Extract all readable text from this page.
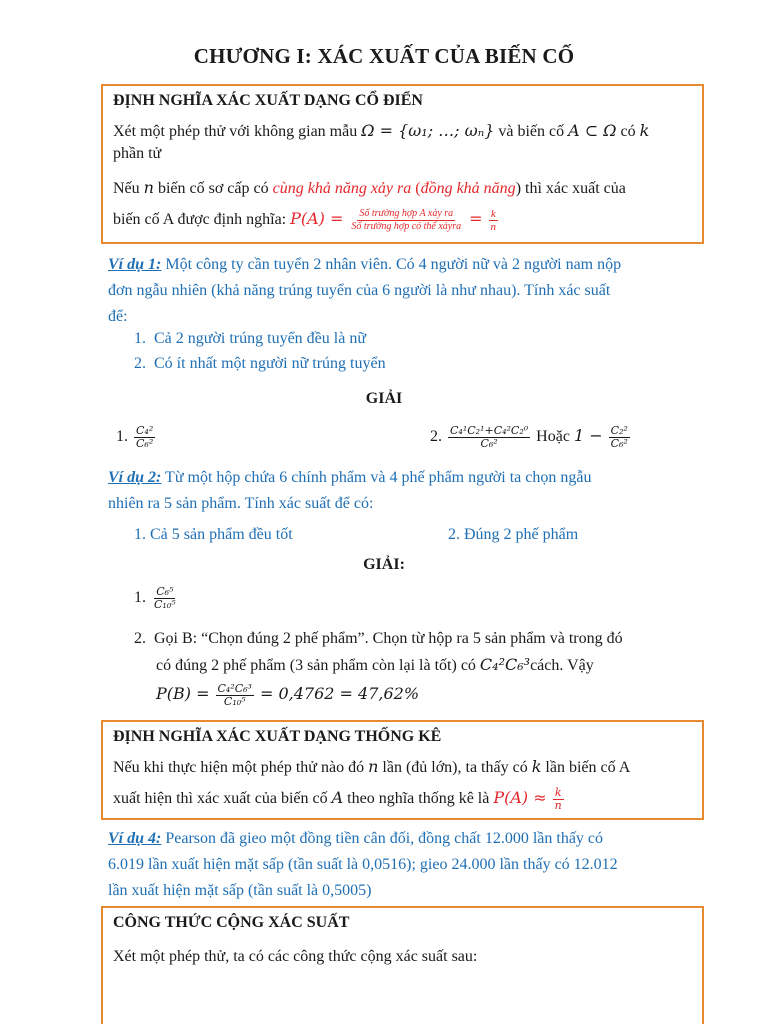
CHƯƠNG I: XÁC XUẤT CỦA BIẾN CỐ
ĐỊNH NGHĨA XÁC XUẤT DẠNG CỔ ĐIỂN
Xét một phép thử với không gian mẫu Ω = {ω₁; …; ωₙ} và biến cố A ⊂ Ω có k
phần tử
Nếu n biến cố sơ cấp có cùng khả năng xảy ra (đồng khả năng) thì xác xuất của
biến cố A được định nghĩa: $P(A) = \frac{\text{Số trường hợp A xảy ra}}{\text{Số trường hợp có thể xảyra}} = \frac{k}{n}$
Ví dụ 1: Một công ty cần tuyển 2 nhân viên. Có 4 người nữ và 2 người nam nộp
đơn ngẫu nhiên (khả năng trúng tuyển của 6 người là như nhau). Tính xác suất
để:
1.  Cả 2 người trúng tuyển đều là nữ
2.  Có ít nhất một người nữ trúng tuyển
GIẢI
1. $\frac{\text{C₄²}}{\text{C₆²}}$	2. $\frac{\text{C₄¹C₂¹+C₄²C₂⁰}}{\text{C₆²}}$ Hoặc $1 - \frac{\text{C₂²}}{\text{C₆²}}$
Ví dụ 2: Từ một hộp chứa 6 chính phẩm và 4 phế phẩm người ta chọn ngẫu
nhiên ra 5 sản phẩm. Tính xác suất để có:
1. Cả 5 sản phẩm đều tốt	2. Đúng 2 phế phẩm
GIẢI:
1. $\frac{\text{C₆⁵}}{\text{C₁₀⁵}}$
2. Gọi B: “Chọn đúng 2 phế phẩm”. Chọn từ hộp ra 5 sản phẩm và trong đó
có đúng 2 phế phẩm (3 sản phẩm còn lại là tốt) có C₄²C₆³cách. Vậy
$P(B) = \frac{\text{C₄²C₆³}}{\text{C₁₀⁵}} = 0,4762 = 47,62\%$
ĐỊNH NGHĨA XÁC XUẤT DẠNG THỐNG KÊ
Nếu khi thực hiện một phép thử nào đó n lần (đủ lớn), ta thấy có k lần biến cố A
xuất hiện thì xác xuất của biến cố A theo nghĩa thống kê là $P(A) \approx \frac{k}{n}$
Ví dụ 4: Pearson đã gieo một đồng tiền cân đối, đồng chất 12.000 lần thấy có
6.019 lần xuất hiện mặt sấp (tần suất là 0,0516); gieo 24.000 lần thấy có 12.012
lần xuất hiện mặt sấp (tần suất là 0,5005)
CÔNG THỨC CỘNG XÁC SUẤT
Xét một phép thử, ta có các công thức cộng xác suất sau:
